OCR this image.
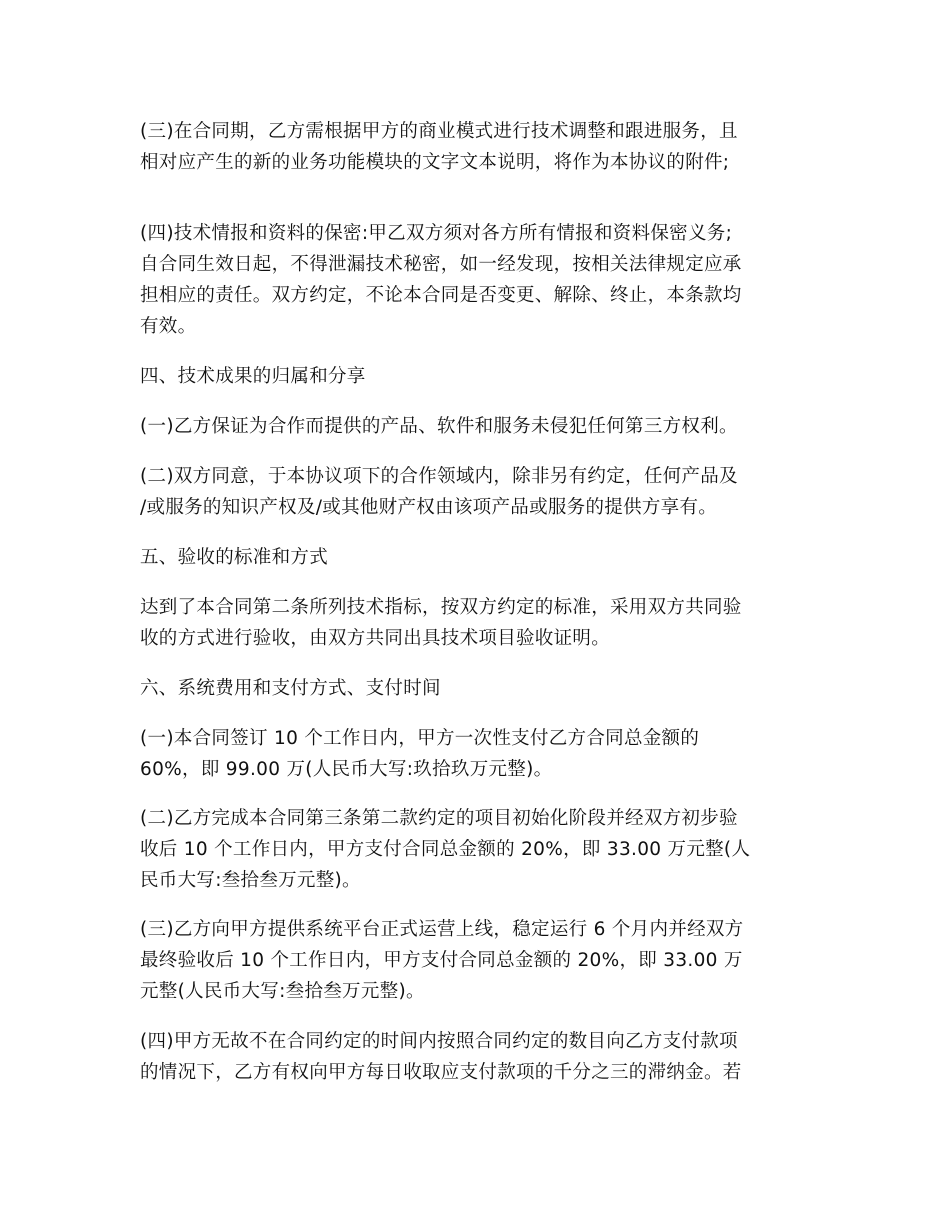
(三)在合同期，乙方需根据甲方的商业模式进行技术调整和跟进服务，且
相对应产生的新的业务功能模块的文字文本说明，将作为本协议的附件;
(四)技术情报和资料的保密:甲乙双方须对各方所有情报和资料保密义务;
自合同生效日起，不得泄漏技术秘密，如一经发现，按相关法律规定应承
担相应的责任。双方约定，不论本合同是否变更、解除、终止，本条款均
有效。
四、技术成果的归属和分享
(一)乙方保证为合作而提供的产品、软件和服务未侵犯任何第三方权利。
(二)双方同意，于本协议项下的合作领域内，除非另有约定，任何产品及
/或服务的知识产权及/或其他财产权由该项产品或服务的提供方享有。
五、验收的标准和方式
达到了本合同第二条所列技术指标，按双方约定的标准，采用双方共同验
收的方式进行验收，由双方共同出具技术项目验收证明。
六、系统费用和支付方式、支付时间
(一)本合同签订 10 个工作日内，甲方一次性支付乙方合同总金额的
60%，即 99.00 万(人民币大写:玖拾玖万元整)。
(二)乙方完成本合同第三条第二款约定的项目初始化阶段并经双方初步验
收后 10 个工作日内，甲方支付合同总金额的 20%，即 33.00 万元整(人
民币大写:叁拾叁万元整)。
(三)乙方向甲方提供系统平台正式运营上线，稳定运行 6 个月内并经双方
最终验收后 10 个工作日内，甲方支付合同总金额的 20%，即 33.00 万
元整(人民币大写:叁拾叁万元整)。
(四)甲方无故不在合同约定的时间内按照合同约定的数目向乙方支付款项
的情况下，乙方有权向甲方每日收取应支付款项的千分之三的滞纳金。若
